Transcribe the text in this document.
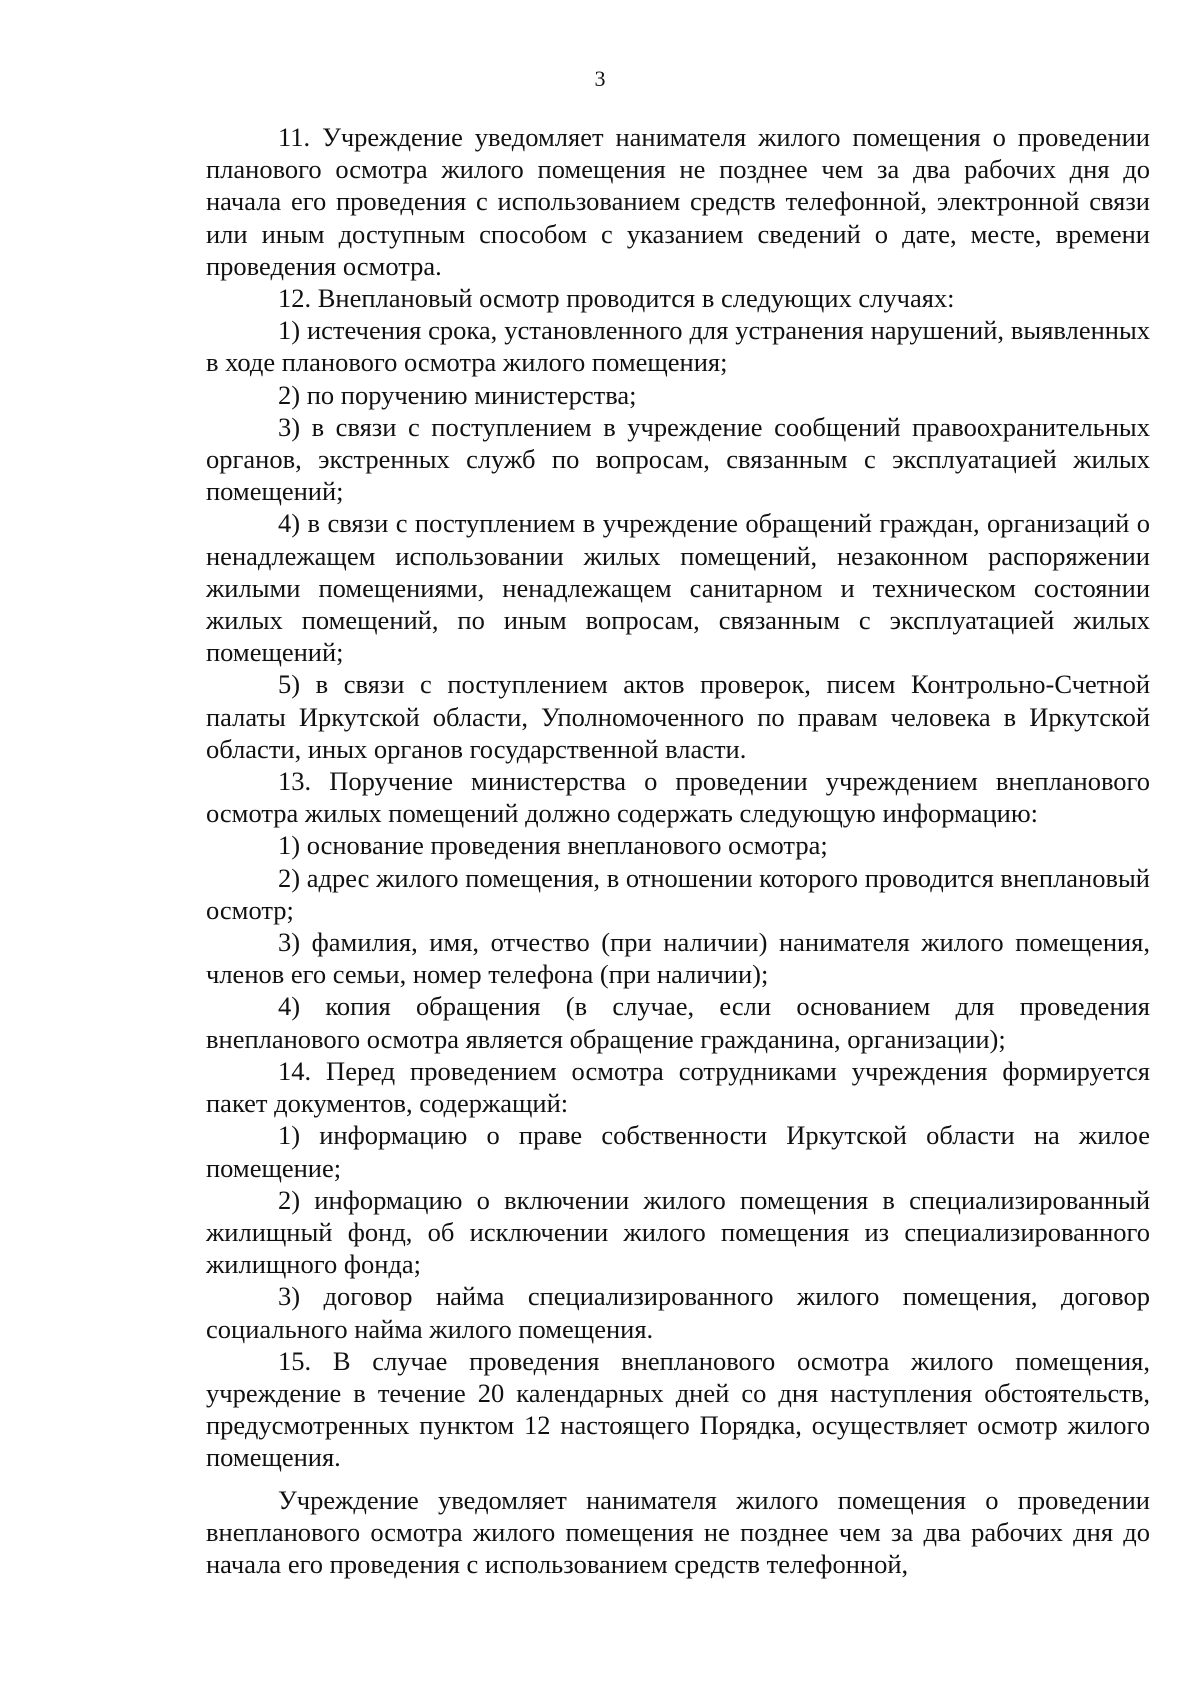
3

11. Учреждение уведомляет нанимателя жилого помещения о проведении планового осмотра жилого помещения не позднее чем за два рабочих дня до начала его проведения с использованием средств телефонной, электронной связи или иным доступным способом с указанием сведений о дате, месте, времени проведения осмотра.

12. Внеплановый осмотр проводится в следующих случаях:

1) истечения срока, установленного для устранения нарушений, выявленных в ходе планового осмотра жилого помещения;

2) по поручению министерства;

3) в связи с поступлением в учреждение сообщений правоохранительных органов, экстренных служб по вопросам, связанным с эксплуатацией жилых помещений;

4) в связи с поступлением в учреждение обращений граждан, организаций о ненадлежащем использовании жилых помещений, незаконном распоряжении жилыми помещениями, ненадлежащем санитарном и техническом состоянии жилых помещений, по иным вопросам, связанным с эксплуатацией жилых помещений;

5) в связи с поступлением актов проверок, писем Контрольно-Счетной палаты Иркутской области, Уполномоченного по правам человека в Иркутской области, иных органов государственной власти.

13. Поручение министерства о проведении учреждением внепланового осмотра жилых помещений должно содержать следующую информацию:

1) основание проведения внепланового осмотра;

2) адрес жилого помещения, в отношении которого проводится внеплановый осмотр;

3) фамилия, имя, отчество (при наличии) нанимателя жилого помещения, членов его семьи, номер телефона (при наличии);

4) копия обращения (в случае, если основанием для проведения внепланового осмотра является обращение гражданина, организации);

14. Перед проведением осмотра сотрудниками учреждения формируется пакет документов, содержащий:

1) информацию о праве собственности Иркутской области на жилое помещение;

2) информацию о включении жилого помещения в специализированный жилищный фонд, об исключении жилого помещения из специализированного жилищного фонда;

3) договор найма специализированного жилого помещения, договор социального найма жилого помещения.

15. В случае проведения внепланового осмотра жилого помещения, учреждение в течение 20 календарных дней со дня наступления обстоятельств, предусмотренных пунктом 12 настоящего Порядка, осуществляет осмотр жилого помещения.

Учреждение уведомляет нанимателя жилого помещения о проведении внепланового осмотра жилого помещения не позднее чем за два рабочих дня до начала его проведения с использованием средств телефонной,
